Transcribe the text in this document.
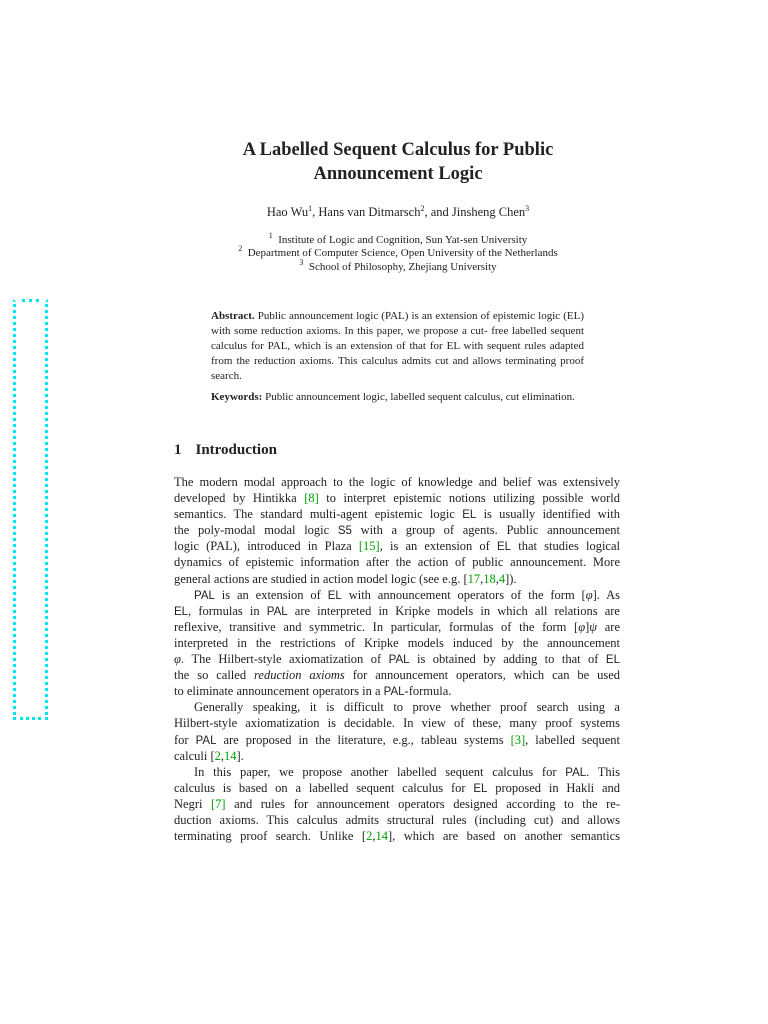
A Labelled Sequent Calculus for Public
Announcement Logic
Hao Wu$^1$, Hans van Ditmarsch$^2$, and Jinsheng Chen$^3$
$^1$ Institute of Logic and Cognition, Sun Yat-sen University
$^2$ Department of Computer Science, Open University of the Netherlands
$^3$ School of Philosophy, Zhejiang University

Abstract. Public announcement logic (PAL) is an extension of epistemic logic (EL) with some reduction axioms. In this paper, we propose a cut- free labelled sequent calculus for PAL, which is an extension of that for EL with sequent rules adapted from the reduction axioms. This calculus admits cut and allows terminating proof search.

Keywords: Public announcement logic, labelled sequent calculus, cut elimination.

1 Introduction
The modern modal approach to the logic of knowledge and belief was extensively
developed by Hintikka [8] to interpret epistemic notions utilizing possible world
semantics. The standard multi-agent epistemic logic EL is usually identified with
the poly-modal modal logic S5 with a group of agents. Public announcement
logic (PAL), introduced in Plaza [15], is an extension of EL that studies logical
dynamics of epistemic information after the action of public announcement. More
general actions are studied in action model logic (see e.g. [17,18,4]).
PAL is an extension of EL with announcement operators of the form [φ]. As
EL, formulas in PAL are interpreted in Kripke models in which all relations are
reflexive, transitive and symmetric. In particular, formulas of the form [φ]ψ are
interpreted in the restrictions of Kripke models induced by the announcement
φ. The Hilbert-style axiomatization of PAL is obtained by adding to that of EL
the so called reduction axioms for announcement operators, which can be used
to eliminate announcement operators in a PAL-formula.
Generally speaking, it is difficult to prove whether proof search using a
Hilbert-style axiomatization is decidable. In view of these, many proof systems
for PAL are proposed in the literature, e.g., tableau systems [3], labelled sequent
calculi [2,14].
In this paper, we propose another labelled sequent calculus for PAL. This
calculus is based on a labelled sequent calculus for EL proposed in Hakli and
Negri [7] and rules for announcement operators designed according to the re-
duction axioms. This calculus admits structural rules (including cut) and allows
terminating proof search. Unlike [2,14], which are based on another semantics
